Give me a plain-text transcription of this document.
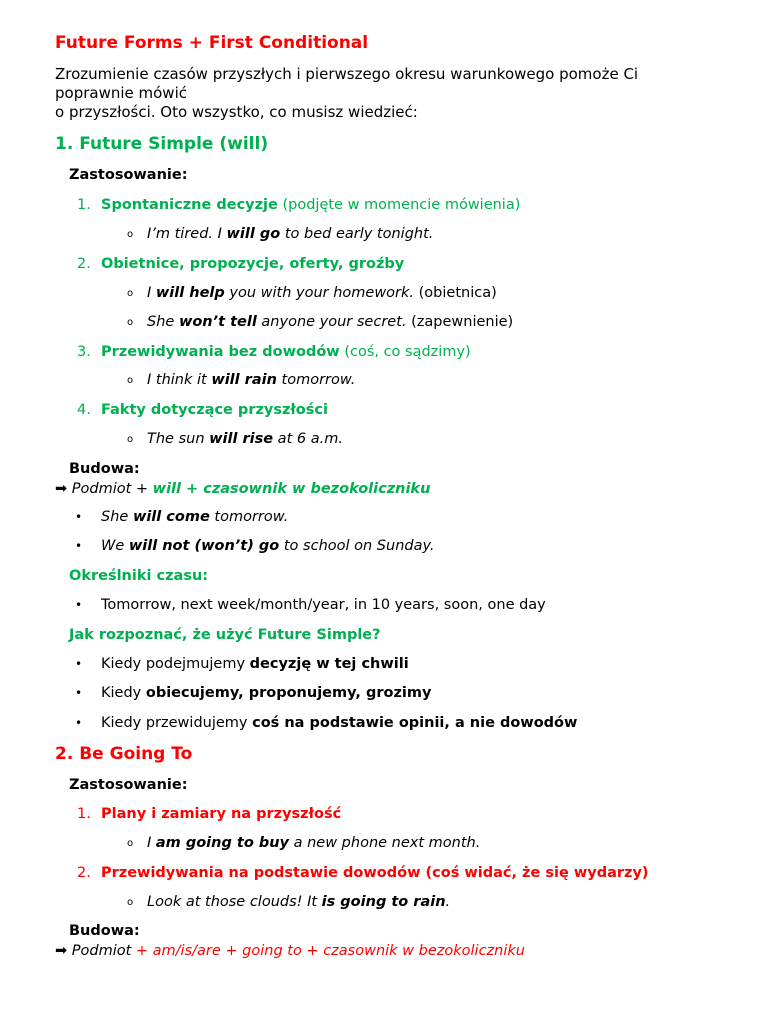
Future Forms + First Conditional
Zrozumienie czasów przyszłych i pierwszego okresu warunkowego pomoże Ci
poprawnie mówić
o przyszłości. Oto wszystko, co musisz wiedzieć:
1. Future Simple (will)
Zastosowanie:
1. Spontaniczne decyzje (podjęte w momencie mówienia)
o I’m tired. I will go to bed early tonight.
2. Obietnice, propozycje, oferty, groźby
o I will help you with your homework. (obietnica)
o She won’t tell anyone your secret. (zapewnienie)
3. Przewidywania bez dowodów (coś, co sądzimy)
o I think it will rain tomorrow.
4. Fakty dotyczące przyszłości
o The sun will rise at 6 a.m.
Budowa:
➡ Podmiot + will + czasownik w bezokoliczniku
• She will come tomorrow.
• We will not (won’t) go to school on Sunday.
Określniki czasu:
• Tomorrow, next week/month/year, in 10 years, soon, one day
Jak rozpoznać, że użyć Future Simple?
• Kiedy podejmujemy decyzję w tej chwili
• Kiedy obiecujemy, proponujemy, grozimy
• Kiedy przewidujemy coś na podstawie opinii, a nie dowodów
2. Be Going To
Zastosowanie:
1. Plany i zamiary na przyszłość
o I am going to buy a new phone next month.
2. Przewidywania na podstawie dowodów (coś widać, że się wydarzy)
o Look at those clouds! It is going to rain.
Budowa:
➡ Podmiot + am/is/are + going to + czasownik w bezokoliczniku
